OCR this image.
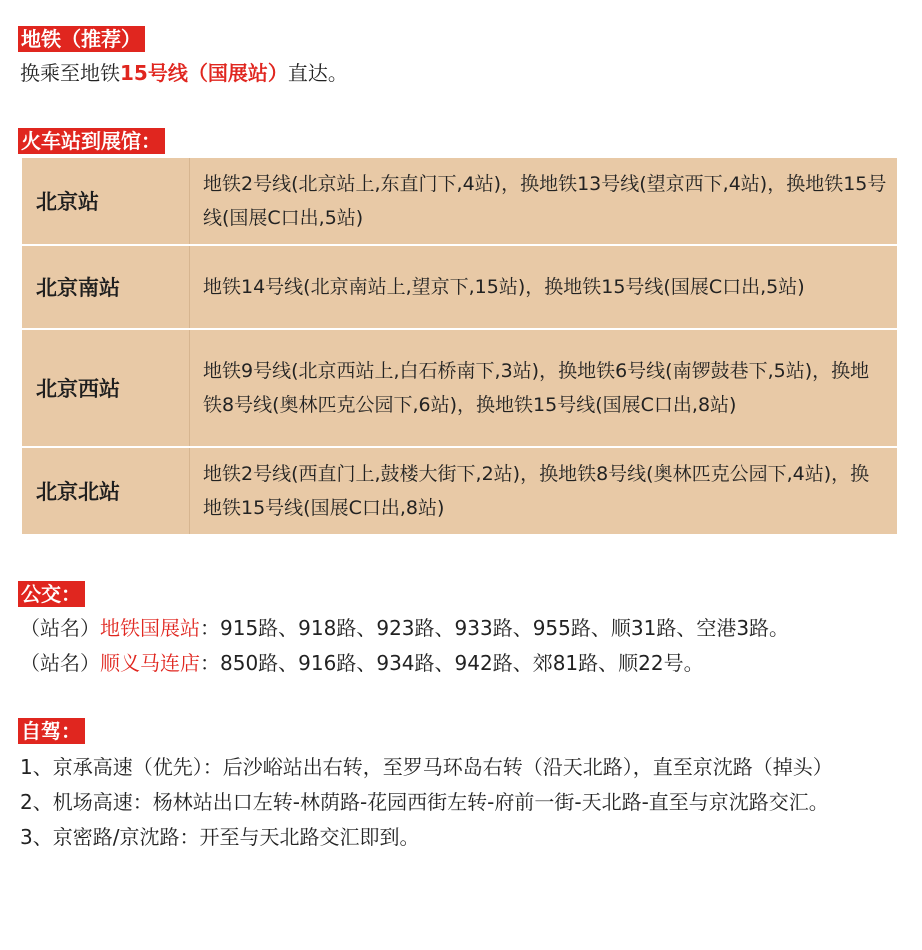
地铁（推荐）
换乘至地铁15号线（国展站）直达。
火车站到展馆：
北京站	地铁2号线(北京站上,东直门下,4站)，换地铁13号线(望京西下,4站)，换地铁15号线(国展C口出,5站)
北京南站	地铁14号线(北京南站上,望京下,15站)，换地铁15号线(国展C口出,5站)
北京西站	地铁9号线(北京西站上,白石桥南下,3站)，换地铁6号线(南锣鼓巷下,5站)，换地铁8号线(奥林匹克公园下,6站)，换地铁15号线(国展C口出,8站)
北京北站	地铁2号线(西直门上,鼓楼大街下,2站)，换地铁8号线(奥林匹克公园下,4站)，换地铁15号线(国展C口出,8站)
公交：
（站名）地铁国展站：915路、918路、923路、933路、955路、顺31路、空港3路。
（站名）顺义马连店：850路、916路、934路、942路、郊81路、顺22号。
自驾：

1、京承高速（优先）：后沙峪站出右转，至罗马环岛右转（沿天北路），直至京沈路（掉头）

2、机场高速：杨林站出口左转-林荫路-花园西街左转-府前一街-天北路-直至与京沈路交汇。

3、京密路/京沈路：开至与天北路交汇即到。
